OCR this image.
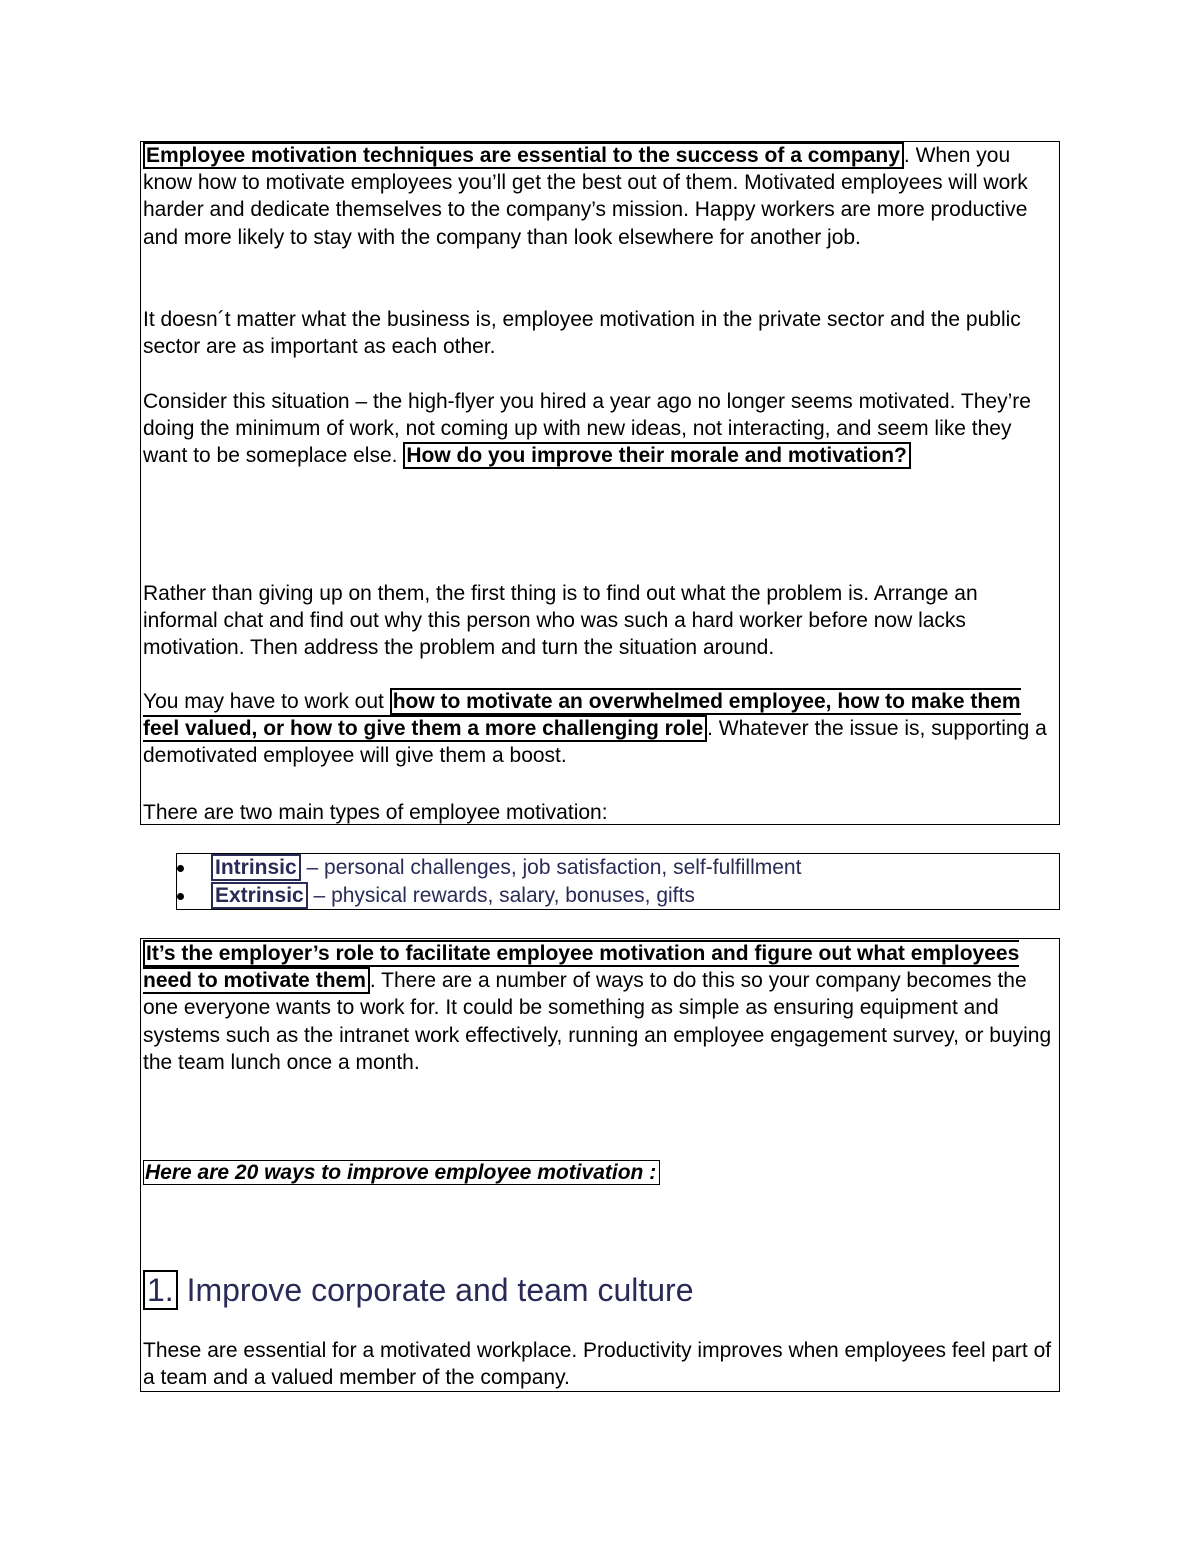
Employee motivation techniques are essential to the success of a company . When you know how to motivate employees you’ll get the best out of them. Motivated employees will work harder and dedicate themselves to the company’s mission. Happy workers are more productive and more likely to stay with the company than look elsewhere for another job.
It doesn´t matter what the business is, employee motivation in the private sector and the public sector are as important as each other.
Consider this situation – the high-flyer you hired a year ago no longer seems motivated. They’re doing the minimum of work, not coming up with new ideas, not interacting, and seem like they want to be someplace else. How do you improve their morale and motivation?
Rather than giving up on them, the first thing is to find out what the problem is. Arrange an informal chat and find out why this person who was such a hard worker before now lacks motivation. Then address the problem and turn the situation around.
You may have to work out how to motivate an overwhelmed employee, how to make them feel valued, or how to give them a more challenging role . Whatever the issue is, supporting a demotivated employee will give them a boost.
There are two main types of employee motivation:
Intrinsic – personal challenges, job satisfaction, self-fulfillment
Extrinsic – physical rewards, salary, bonuses, gifts
It’s the employer’s role to facilitate employee motivation and figure out what employees need to motivate them . There are a number of ways to do this so your company becomes the one everyone wants to work for. It could be something as simple as ensuring equipment and systems such as the intranet work effectively, running an employee engagement survey, or buying the team lunch once a month.
Here are 20 ways to improve employee motivation :
1. Improve corporate and team culture
These are essential for a motivated workplace. Productivity improves when employees feel part of a team and a valued member of the company.
